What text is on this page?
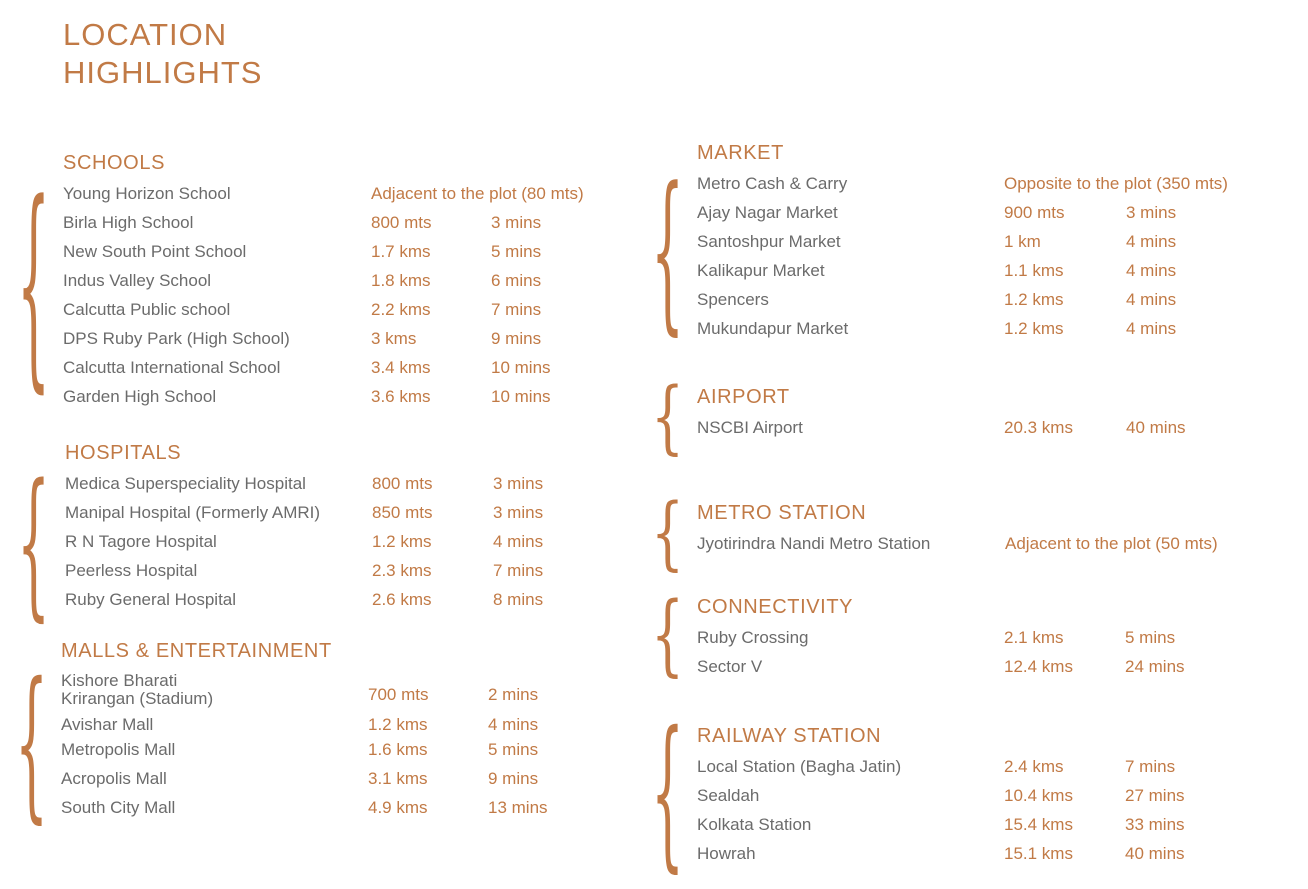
LOCATION
HIGHLIGHTS
SCHOOLS
{ Young Horizon School	Adjacent to the plot (80 mts)
Birla High School	800 mts	3 mins
New South Point School	1.7 kms	5 mins
Indus Valley School	1.8 kms	6 mins
Calcutta Public school	2.2 kms	7 mins
DPS Ruby Park (High School)	3 kms	9 mins
Calcutta International School	3.4 kms	10 mins
Garden High School	3.6 kms	10 mins
HOSPITALS
{ Medica Superspeciality Hospital	800 mts	3 mins
Manipal Hospital (Formerly AMRI)	850 mts	3 mins
R N Tagore Hospital	1.2 kms	4 mins
Peerless Hospital	2.3 kms	7 mins
Ruby General Hospital	2.6 kms	8 mins
MALLS & ENTERTAINMENT
{ Kishore Bharati
Krirangan (Stadium)	700 mts	2 mins
Avishar Mall	1.2 kms	4 mins
Metropolis Mall	1.6 kms	5 mins
Acropolis Mall	3.1 kms	9 mins
South City Mall	4.9 kms	13 mins
MARKET
{ Metro Cash & Carry	Opposite to the plot (350 mts)
Ajay Nagar Market	900 mts	3 mins
Santoshpur Market	1 km	4 mins
Kalikapur Market	1.1 kms	4 mins
Spencers	1.2 kms	4 mins
Mukundapur Market	1.2 kms	4 mins
AIRPORT
{ NSCBI Airport	20.3 kms	40 mins
METRO STATION
{ Jyotirindra Nandi Metro Station	Adjacent to the plot (50 mts)
CONNECTIVITY
{ Ruby Crossing	2.1 kms	5 mins
Sector V	12.4 kms	24 mins
RAILWAY STATION
{ Local Station (Bagha Jatin)	2.4 kms	7 mins
Sealdah	10.4 kms	27 mins
Kolkata Station	15.4 kms	33 mins
Howrah	15.1 kms	40 mins
